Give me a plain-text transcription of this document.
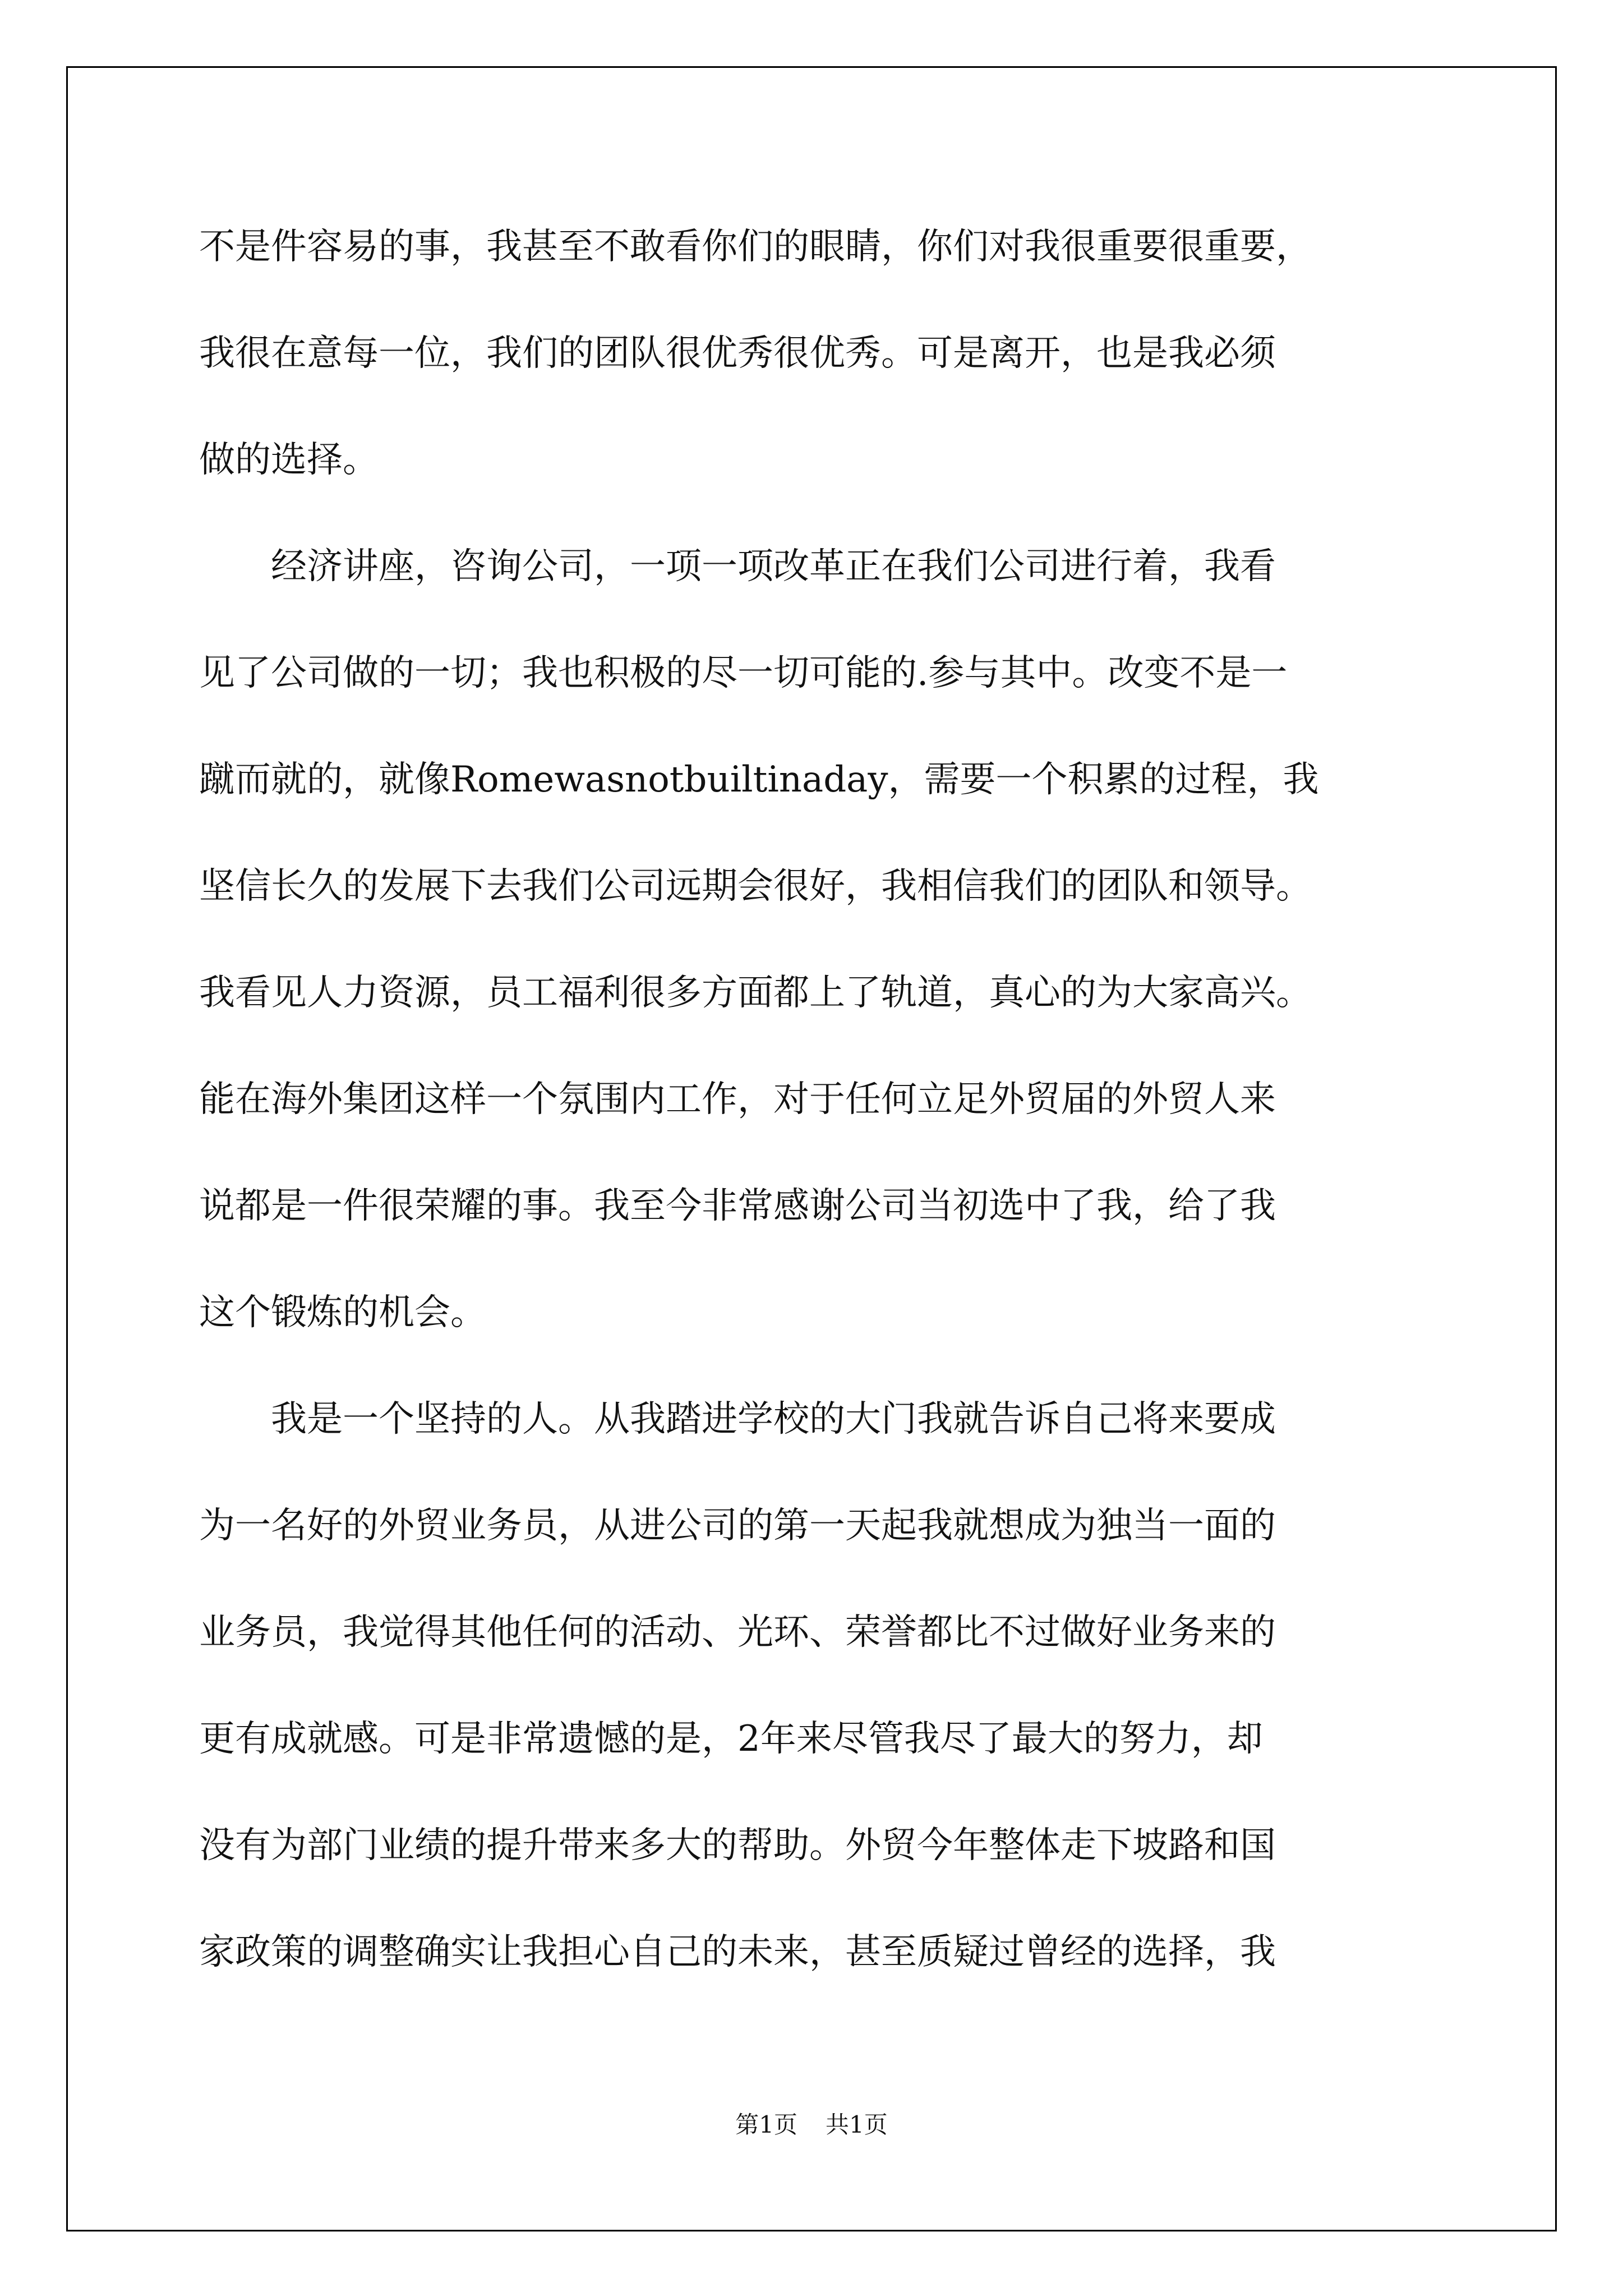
不是件容易的事，我甚至不敢看你们的眼睛，你们对我很重要很重要，
我很在意每一位，我们的团队很优秀很优秀。可是离开，也是我必须
做的选择。
　　经济讲座，咨询公司，一项一项改革正在我们公司进行着，我看
见了公司做的一切；我也积极的尽一切可能的.参与其中。改变不是一
蹴而就的，就像Romewasnotbuiltinaday，需要一个积累的过程，我
坚信长久的发展下去我们公司远期会很好，我相信我们的团队和领导。
我看见人力资源，员工福利很多方面都上了轨道，真心的为大家高兴。
能在海外集团这样一个氛围内工作，对于任何立足外贸届的外贸人来
说都是一件很荣耀的事。我至今非常感谢公司当初选中了我，给了我
这个锻炼的机会。
　　我是一个坚持的人。从我踏进学校的大门我就告诉自己将来要成
为一名好的外贸业务员，从进公司的第一天起我就想成为独当一面的
业务员，我觉得其他任何的活动、光环、荣誉都比不过做好业务来的
更有成就感。可是非常遗憾的是，2年来尽管我尽了最大的努力，却
没有为部门业绩的提升带来多大的帮助。外贸今年整体走下坡路和国
家政策的调整确实让我担心自己的未来，甚至质疑过曾经的选择，我
第1页 共1页
